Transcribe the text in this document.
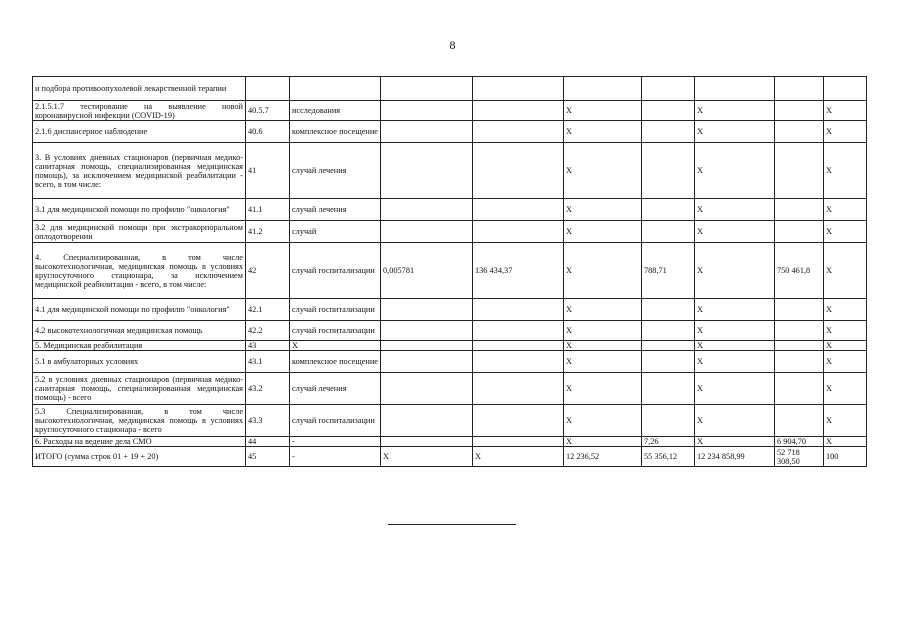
8
и подбора противоопухолевой лекарственной терапии									
2.1.5.1.7 тестирование на выявление новой коронавирусной инфекции (COVID-19)	40.5.7	исследования			X		X		X
2.1.6 диспансерное наблюдение	40.6	комплексное посещение			X		X		X
3. В условиях дневных стационаров (первичная медико-санитарная помощь, специализированная медицинская помощь), за исключением медицинской реабилитации - всего, в том числе:	41	случай лечения			X		X		X
3.1 для медицинской помощи по профилю "онкология"	41.1	случай лечения			X		X		X
3.2 для медицинской помощи при экстракорпоральном оплодотворении	41.2	случай			X		X		X
4. Специализированная, в том числе высокотехнологичная, медицинская помощь в условиях круглосуточного стационара, за исключением медицинской реабилитации - всего, в том числе:	42	случай госпитализации	0,005781	136 434,37	X	788,71	X	750 461,8	X
4.1 для медицинской помощи по профилю "онкология"	42.1	случай госпитализации			X		X		X
4.2 высокотехнологичная медицинская помощь	42.2	случай госпитализации			X		X		X
5. Медицинская реабилитация	43	X			X		X		X
5.1 в амбулаторных условиях	43.1	комплексное посещение			X		X		X
5.2 в условиях дневных стационаров (первичная медико-санитарная помощь, специализированная медицинская помощь) - всего	43.2	случай лечения			X		X		X
5.3 Специализированная, в том числе высокотехнологичная, медицинская помощь в условиях круглосуточного стационара - всего	43.3	случай госпитализации			X		X		X
6. Расходы на ведение дела СМО	44	-			X	7,26	X	6 904,70	X
ИТОГО (сумма строк 01 + 19 + 20)	45	-	X	X	12 236,52	55 356,12	12 234 858,99	52 718 308,50	100
